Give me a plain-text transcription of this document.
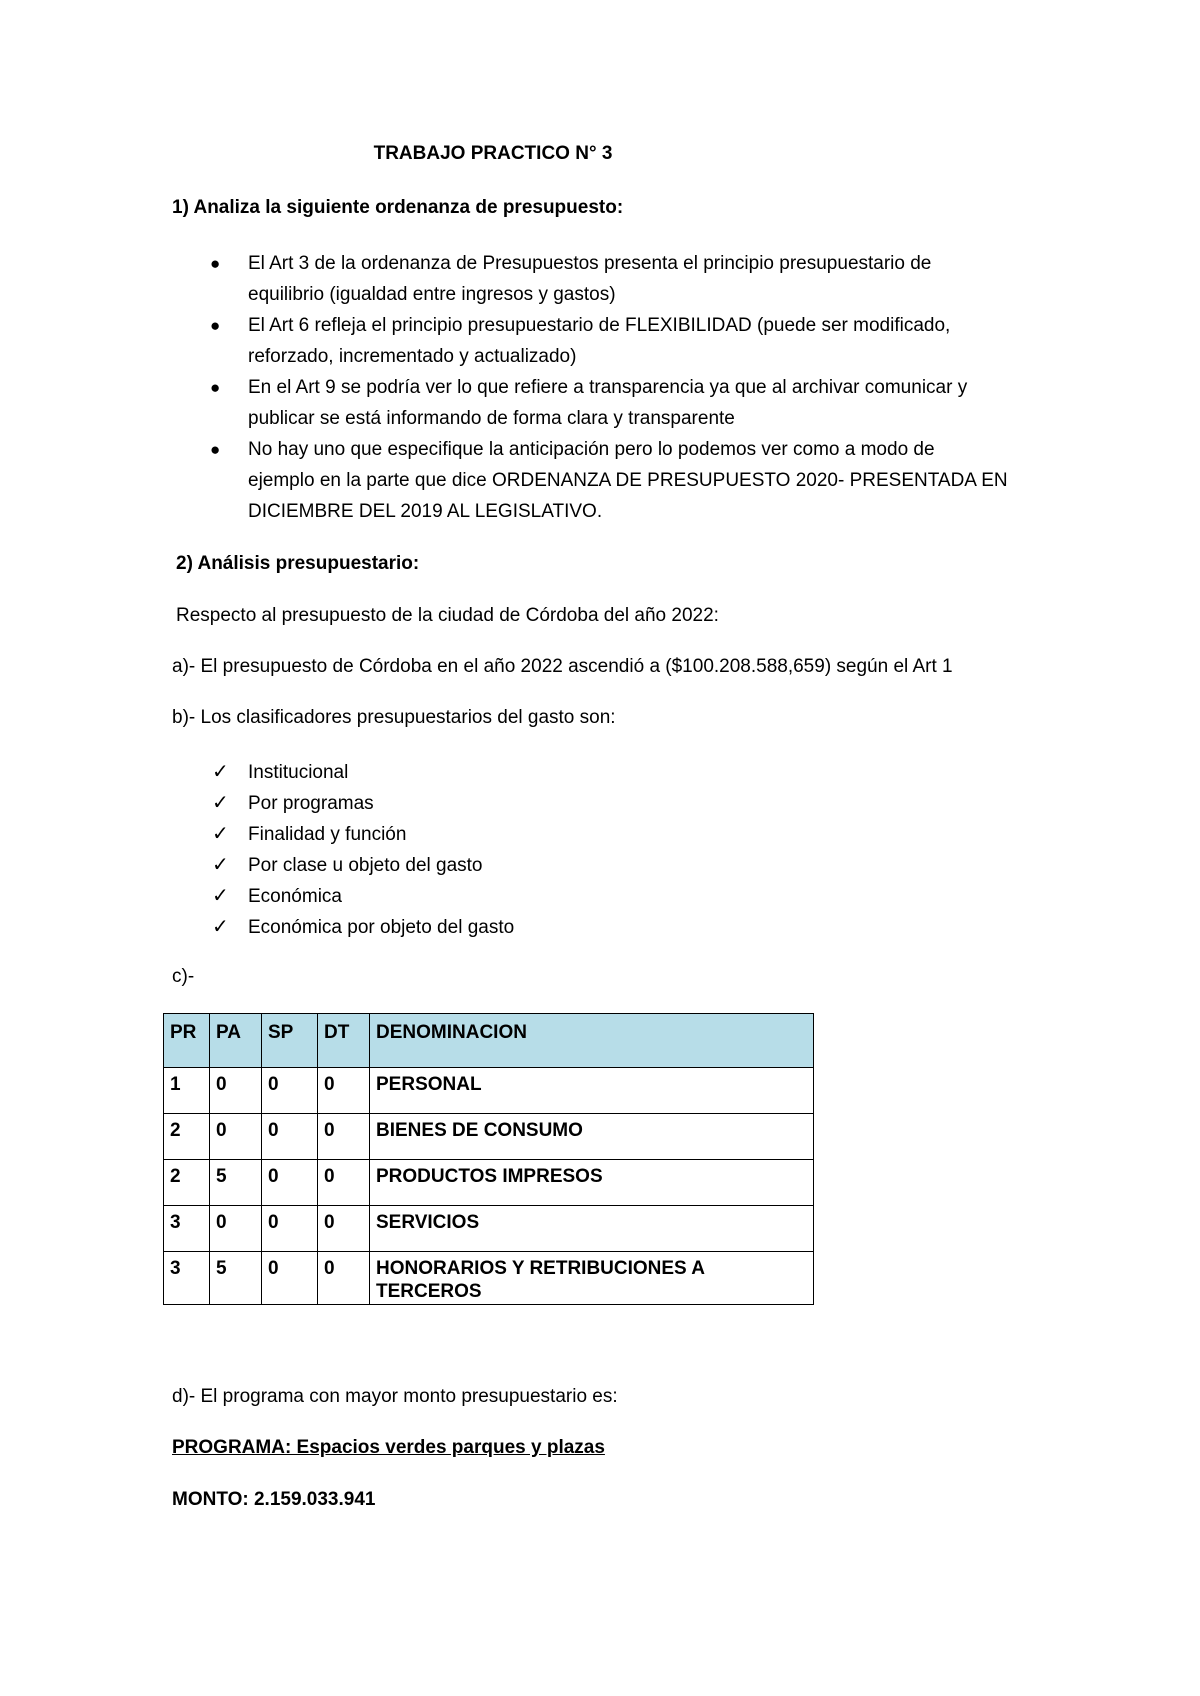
TRABAJO PRACTICO N° 3

1) Analiza la siguiente ordenanza de presupuesto:

● El Art 3 de la ordenanza de Presupuestos presenta el principio presupuestario de
equilibrio (igualdad entre ingresos y gastos)
● El Art 6 refleja el principio presupuestario de FLEXIBILIDAD (puede ser modificado,
reforzado, incrementado y actualizado)
● En el Art 9 se podría ver lo que refiere a transparencia ya que al archivar comunicar y
publicar se está informando de forma clara y transparente
● No hay uno que especifique la anticipación pero lo podemos ver como a modo de
ejemplo en la parte que dice ORDENANZA DE PRESUPUESTO 2020- PRESENTADA EN
DICIEMBRE DEL 2019 AL LEGISLATIVO.

2) Análisis presupuestario:

Respecto al presupuesto de la ciudad de Córdoba del año 2022:

a)- El presupuesto de Córdoba en el año 2022 ascendió a ($100.208.588,659) según el Art 1

b)- Los clasificadores presupuestarios del gasto son:

✓ Institucional
✓ Por programas
✓ Finalidad y función
✓ Por clase u objeto del gasto
✓ Económica
✓ Económica por objeto del gasto

c)-

PR	PA	SP	DT	DENOMINACION
1	0	0	0	PERSONAL
2	0	0	0	BIENES DE CONSUMO
2	5	0	0	PRODUCTOS IMPRESOS
3	0	0	0	SERVICIOS
3	5	0	0	HONORARIOS Y RETRIBUCIONES A TERCEROS

d)- El programa con mayor monto presupuestario es:

PROGRAMA: Espacios verdes parques y plazas

MONTO: 2.159.033.941
